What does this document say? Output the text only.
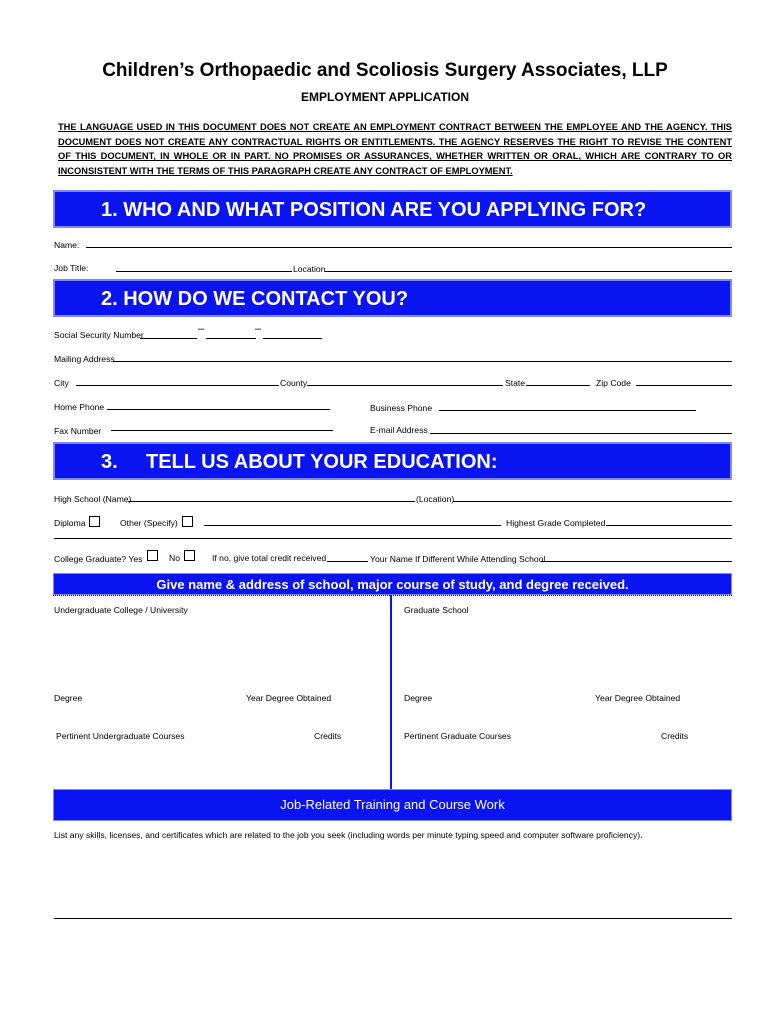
Children’s Orthopaedic and Scoliosis Surgery Associates, LLP
EMPLOYMENT APPLICATION
THE LANGUAGE USED IN THIS DOCUMENT DOES NOT CREATE AN EMPLOYMENT CONTRACT BETWEEN THE EMPLOYEE AND THE AGENCY. THIS DOCUMENT DOES NOT CREATE ANY CONTRACTUAL RIGHTS OR ENTITLEMENTS. THE AGENCY RESERVES THE RIGHT TO REVISE THE CONTENT OF THIS DOCUMENT, IN WHOLE OR IN PART. NO PROMISES OR ASSURANCES, WHETHER WRITTEN OR ORAL, WHICH ARE CONTRARY TO OR INCONSISTENT WITH THE TERMS OF THIS PARAGRAPH CREATE ANY CONTRACT OF EMPLOYMENT.
1. WHO AND WHAT POSITION ARE YOU APPLYING FOR?
Name:
Job Title:	Location
2. HOW DO WE CONTACT YOU?
Social Security Number	–	–
Mailing Address
City	County	State	Zip Code
Home Phone	Business Phone
Fax Number	E-mail Address
3. TELL US ABOUT YOUR EDUCATION:
High School (Name)	(Location)
Diploma	Other (Specify)	Highest Grade Completed
College Graduate? Yes	No	If no, give total credit received	Your Name If Different While Attending School
Give name & address of school, major course of study, and degree received.
Undergraduate College / University
Degree	Year Degree Obtained
Pertinent Undergraduate Courses	Credits
Graduate School
Degree	Year Degree Obtained
Pertinent Graduate Courses	Credits
Job-Related Training and Course Work
List any skills, licenses, and certificates which are related to the job you seek (including words per minute typing speed and computer software proficiency).
